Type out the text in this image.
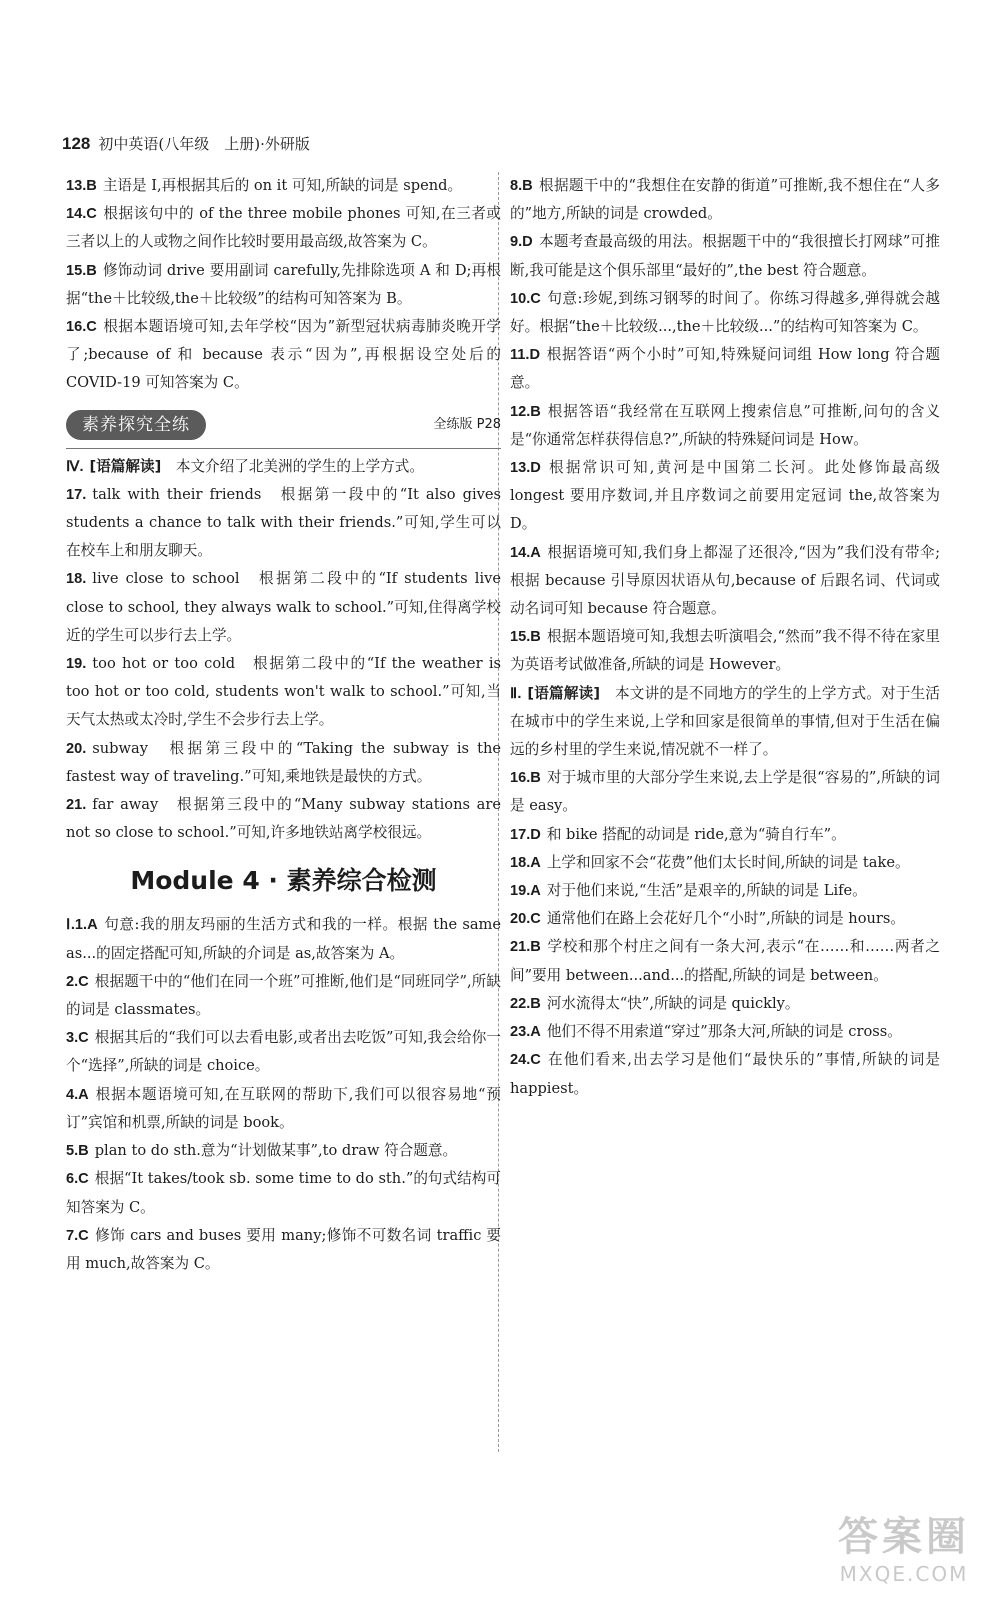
128 初中英语(八年级　上册)·外研版

13.B 主语是 I,再根据其后的 on it 可知,所缺的词是 spend。

14.C 根据该句中的 of the three mobile phones 可知,在三者或三者以上的人或物之间作比较时要用最高级,故答案为 C。

15.B 修饰动词 drive 要用副词 carefully,先排除选项 A 和 D;再根据“the＋比较级,the＋比较级”的结构可知答案为 B。

16.C 根据本题语境可知,去年学校“因为”新型冠状病毒肺炎晚开学了;because of 和 because 表示“因为”,再根据设空处后的 COVID-19 可知答案为 C。

素养探究全练	全练版 P28

Ⅳ. [语篇解读]　 本文介绍了北美洲的学生的上学方式。

17. talk with their friends　根据第一段中的“It also gives students a chance to talk with their friends.”可知,学生可以在校车上和朋友聊天。

18. live close to school　根据第二段中的“If students live close to school, they always walk to school.”可知,住得离学校近的学生可以步行去上学。

19. too hot or too cold　根据第二段中的“If the weather is too hot or too cold, students won't walk to school.”可知,当天气太热或太冷时,学生不会步行去上学。

20. subway　根据第三段中的“Taking the subway is the fastest way of traveling.”可知,乘地铁是最快的方式。

21. far away　根据第三段中的“Many subway stations are not so close to school.”可知,许多地铁站离学校很远。

Module 4 · 素养综合检测

Ⅰ.1.A 句意:我的朋友玛丽的生活方式和我的一样。根据 the same as...的固定搭配可知,所缺的介词是 as,故答案为 A。

2.C 根据题干中的“他们在同一个班”可推断,他们是“同班同学”,所缺的词是 classmates。

3.C 根据其后的“我们可以去看电影,或者出去吃饭”可知,我会给你一个“选择”,所缺的词是 choice。

4.A 根据本题语境可知,在互联网的帮助下,我们可以很容易地“预订”宾馆和机票,所缺的词是 book。

5.B plan to do sth.意为“计划做某事”,to draw 符合题意。

6.C 根据“It takes/took sb. some time to do sth.”的句式结构可知答案为 C。

7.C 修饰 cars and buses 要用 many;修饰不可数名词 traffic 要用 much,故答案为 C。

8.B 根据题干中的“我想住在安静的街道”可推断,我不想住在“人多的”地方,所缺的词是 crowded。

9.D 本题考查最高级的用法。根据题干中的“我很擅长打网球”可推断,我可能是这个俱乐部里“最好的”,the best 符合题意。

10.C 句意:珍妮,到练习钢琴的时间了。你练习得越多,弹得就会越好。根据“the＋比较级...,the＋比较级...”的结构可知答案为 C。

11.D 根据答语“两个小时”可知,特殊疑问词组 How long 符合题意。

12.B 根据答语“我经常在互联网上搜索信息”可推断,问句的含义是“你通常怎样获得信息?”,所缺的特殊疑问词是 How。

13.D 根据常识可知,黄河是中国第二长河。此处修饰最高级 longest 要用序数词,并且序数词之前要用定冠词 the,故答案为 D。

14.A 根据语境可知,我们身上都湿了还很冷,“因为”我们没有带伞;根据 because 引导原因状语从句,because of 后跟名词、代词或动名词可知 because 符合题意。

15.B 根据本题语境可知,我想去听演唱会,“然而”我不得不待在家里为英语考试做准备,所缺的词是 However。

Ⅱ. [语篇解读]　 本文讲的是不同地方的学生的上学方式。对于生活在城市中的学生来说,上学和回家是很简单的事情,但对于生活在偏远的乡村里的学生来说,情况就不一样了。

16.B 对于城市里的大部分学生来说,去上学是很“容易的”,所缺的词是 easy。

17.D 和 bike 搭配的动词是 ride,意为“骑自行车”。

18.A 上学和回家不会“花费”他们太长时间,所缺的词是 take。

19.A 对于他们来说,“生活”是艰辛的,所缺的词是 Life。

20.C 通常他们在路上会花好几个“小时”,所缺的词是 hours。

21.B 学校和那个村庄之间有一条大河,表示“在……和……两者之间”要用 between...and...的搭配,所缺的词是 between。

22.B 河水流得太“快”,所缺的词是 quickly。

23.A 他们不得不用索道“穿过”那条大河,所缺的词是 cross。

24.C 在他们看来,出去学习是他们“最快乐的”事情,所缺的词是 happiest。

答案圈
MXQE.COM
